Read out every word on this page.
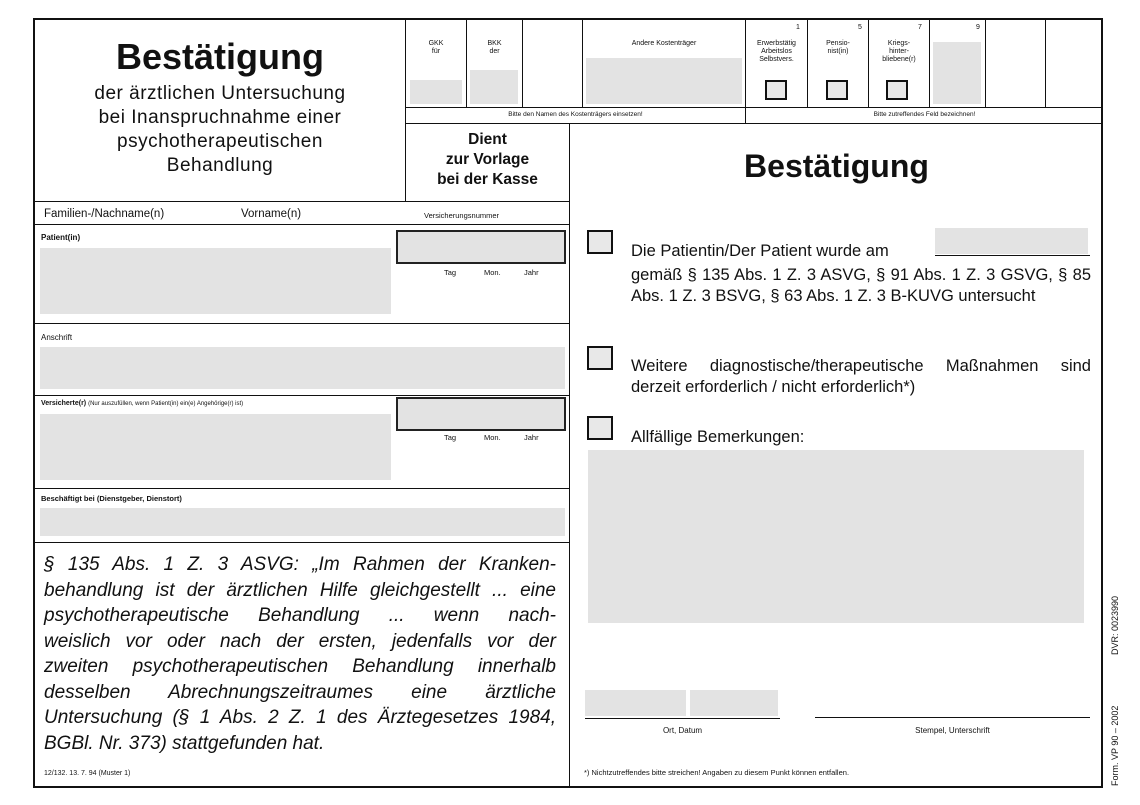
Bestätigung
der ärztlichen Untersuchung
bei Inanspruchnahme einer
psychotherapeutischen
Behandlung
GKK
für
BKK
der
Andere Kostenträger
Bitte den Namen des Kostenträgers einsetzen!	Bitte zutreffendes Feld bezeichnen!
1
Erwerbstätig
Arbeitslos
Selbstvers.
5
Pensio-
nist(in)
7
Kriegs-
hinter-
bliebene(r)
9
Dient
zur Vorlage
bei der Kasse
Familien-/Nachname(n)	Vorname(n)	Versicherungsnummer
Patient(in)
Tag	Mon.	Jahr
Anschrift
Versicherte(r) (Nur auszufüllen, wenn Patient(in) ein(e) Angehörige(r) ist)
Tag	Mon.	Jahr
Beschäftigt bei (Dienstgeber, Dienstort)
§ 135 Abs. 1 Z. 3 ASVG: „Im Rahmen der Kranken-
behandlung ist der ärztlichen Hilfe gleichgestellt ... eine
psychotherapeutische Behandlung ... wenn nach-
weislich vor oder nach der ersten, jedenfalls vor der
zweiten psychotherapeutischen Behandlung innerhalb
desselben Abrechnungszeitraumes eine ärztliche
Untersuchung (§ 1 Abs. 2 Z. 1 des Ärztegesetzes 1984,
BGBl. Nr. 373) stattgefunden hat.
12/132. 13. 7. 94 (Muster 1)
Bestätigung
Die Patientin/Der Patient wurde am
gemäß § 135 Abs. 1 Z. 3 ASVG, § 91 Abs. 1 Z. 3 GSVG, § 85 Abs. 1 Z. 3 BSVG, § 63 Abs. 1 Z. 3 B-KUVG untersucht
Weitere diagnostische/therapeutische Maßnahmen sind derzeit erforderlich / nicht erforderlich*)
Allfällige Bemerkungen:
Ort, Datum	Stempel, Unterschrift
*) Nichtzutreffendes bitte streichen! Angaben zu diesem Punkt können entfallen.	Form. VP 90 – 2002
DVR: 0023990
